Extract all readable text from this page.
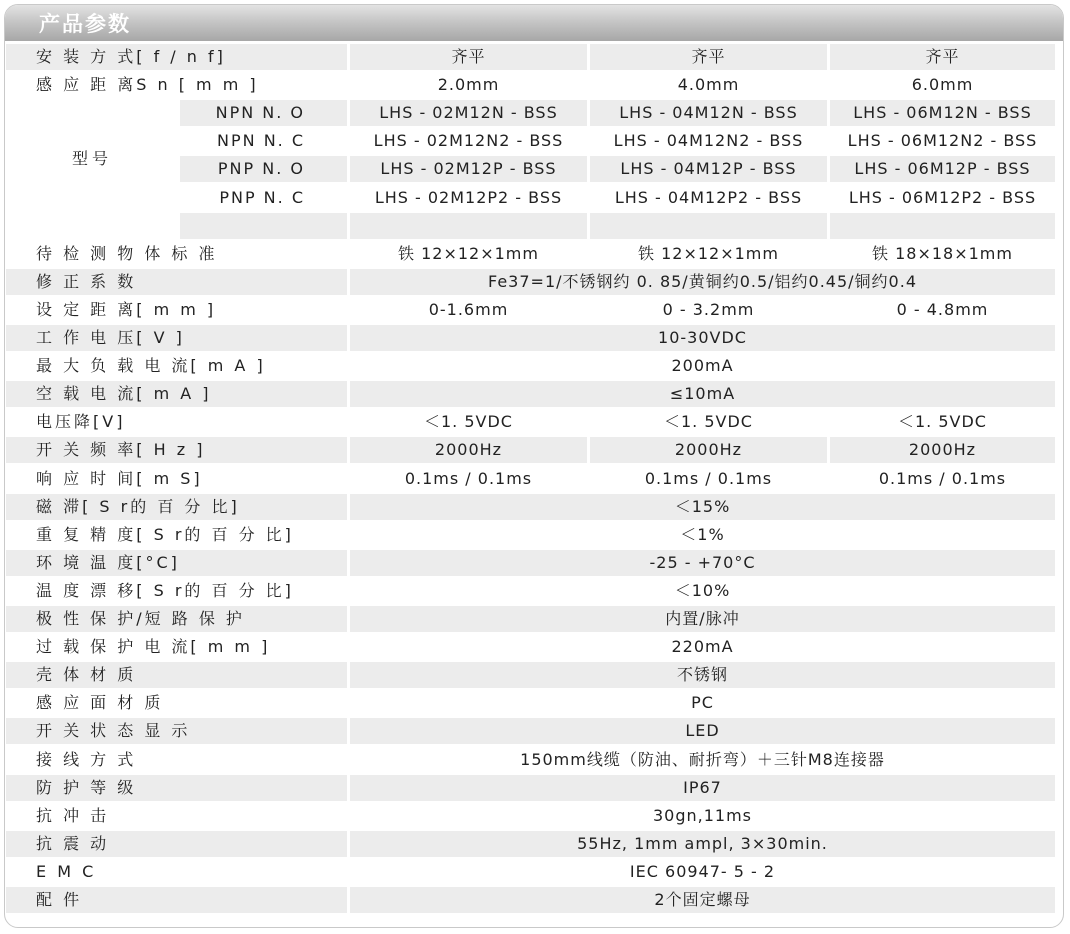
产品参数
安 装 方 式[ f / n f]	齐平	齐平	齐平
感 应 距 离S n [ m m ]	2.0mm	4.0mm	6.0mm
型号
NPN N. O	LHS - 02M12N - BSS	LHS - 04M12N - BSS	LHS - 06M12N - BSS
NPN N. C	LHS - 02M12N2 - BSS	LHS - 04M12N2 - BSS	LHS - 06M12N2 - BSS
PNP N. O	LHS - 02M12P - BSS	LHS - 04M12P - BSS	LHS - 06M12P - BSS
PNP N. C	LHS - 02M12P2 - BSS	LHS - 04M12P2 - BSS	LHS - 06M12P2 - BSS
待 检 测 物 体 标 准	铁 12×12×1mm	铁 12×12×1mm	铁 18×18×1mm
修 正 系 数	Fe37=1/不锈钢约 0. 85/黄铜约0.5/铝约0.45/铜约0.4
设 定 距 离[ m m ]	0-1.6mm	0 - 3.2mm	0 - 4.8mm
工 作 电 压[ V ]	10-30VDC
最 大 负 载 电 流[ m A ]	200mA
空 载 电 流[ m A ]	≤10mA
电压降[V]	＜1. 5VDC	＜1. 5VDC	＜1. 5VDC
开 关 频 率[ H z ]	2000Hz	2000Hz	2000Hz
响 应 时 间[ m S]	0.1ms / 0.1ms	0.1ms / 0.1ms	0.1ms / 0.1ms
磁 滞[ S r的 百 分 比]	＜15%
重 复 精 度[ S r的 百 分 比]	＜1%
环 境 温 度[°C]	-25 - +70°C
温 度 漂 移[ S r的 百 分 比]	＜10%
极 性 保 护/短 路 保 护	内置/脉冲
过 载 保 护 电 流[ m m ]	220mA
壳 体 材 质	不锈钢
感 应 面 材 质	PC
开 关 状 态 显 示	LED
接 线 方 式	150mm线缆（防油、耐折弯）＋三针M8连接器
防 护 等 级	IP67
抗 冲 击	30gn,11ms
抗 震 动	55Hz, 1mm ampl, 3×30min.
E M C	IEC 60947- 5 - 2
配 件	2个固定螺母
